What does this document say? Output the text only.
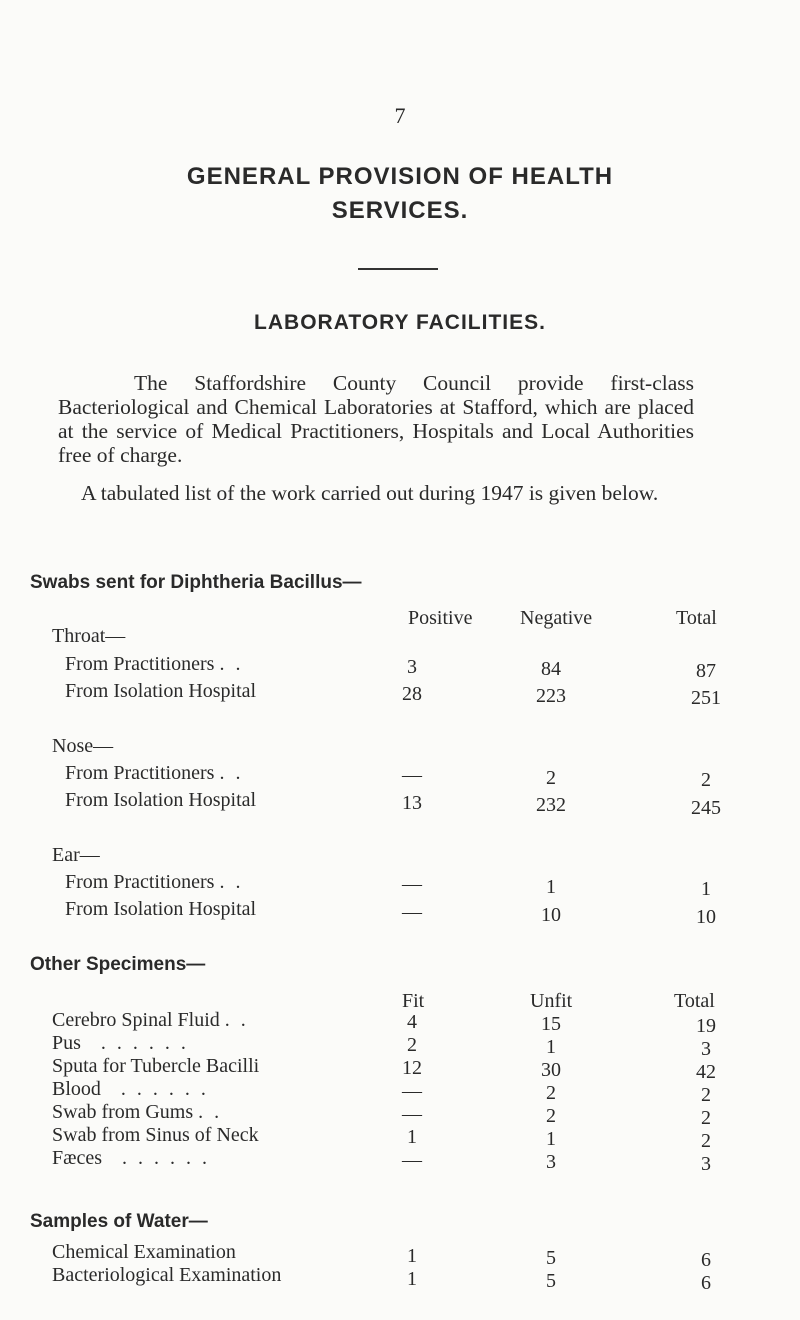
7
GENERAL PROVISION OF HEALTH
SERVICES.
LABORATORY FACILITIES.
The Staffordshire County Council provide first-class Bacteriological and Chemical Laboratories at Stafford, which are placed at the service of Medical Practitioners, Hospitals and Local Authorities free of charge.
A tabulated list of the work carried out during 1947 is given below.
Swabs sent for Diphtheria Bacillus—
Positive Negative	Total
Throat—
From Practitioners . .	3	84	87
From Isolation Hospital	28	223	251
Nose—
From Practitioners . .	—	2	2
From Isolation Hospital	13	232	245
Ear—
From Practitioners . .	—	1	1
From Isolation Hospital	—	10	10
Other Specimens—
Fit	Unfit	Total
Cerebro Spinal Fluid . .	4	15	19
Pus . . . . . .	2	1	3
Sputa for Tubercle Bacilli	12	30	42
Blood . . . . . .	—	2	2
Swab from Gums . .	—	2	2
Swab from Sinus of Neck	1	1	2
Fæces . . . . . .	—	3	3
Samples of Water—
Chemical Examination	1	5	6
Bacteriological Examination	1	5	6
